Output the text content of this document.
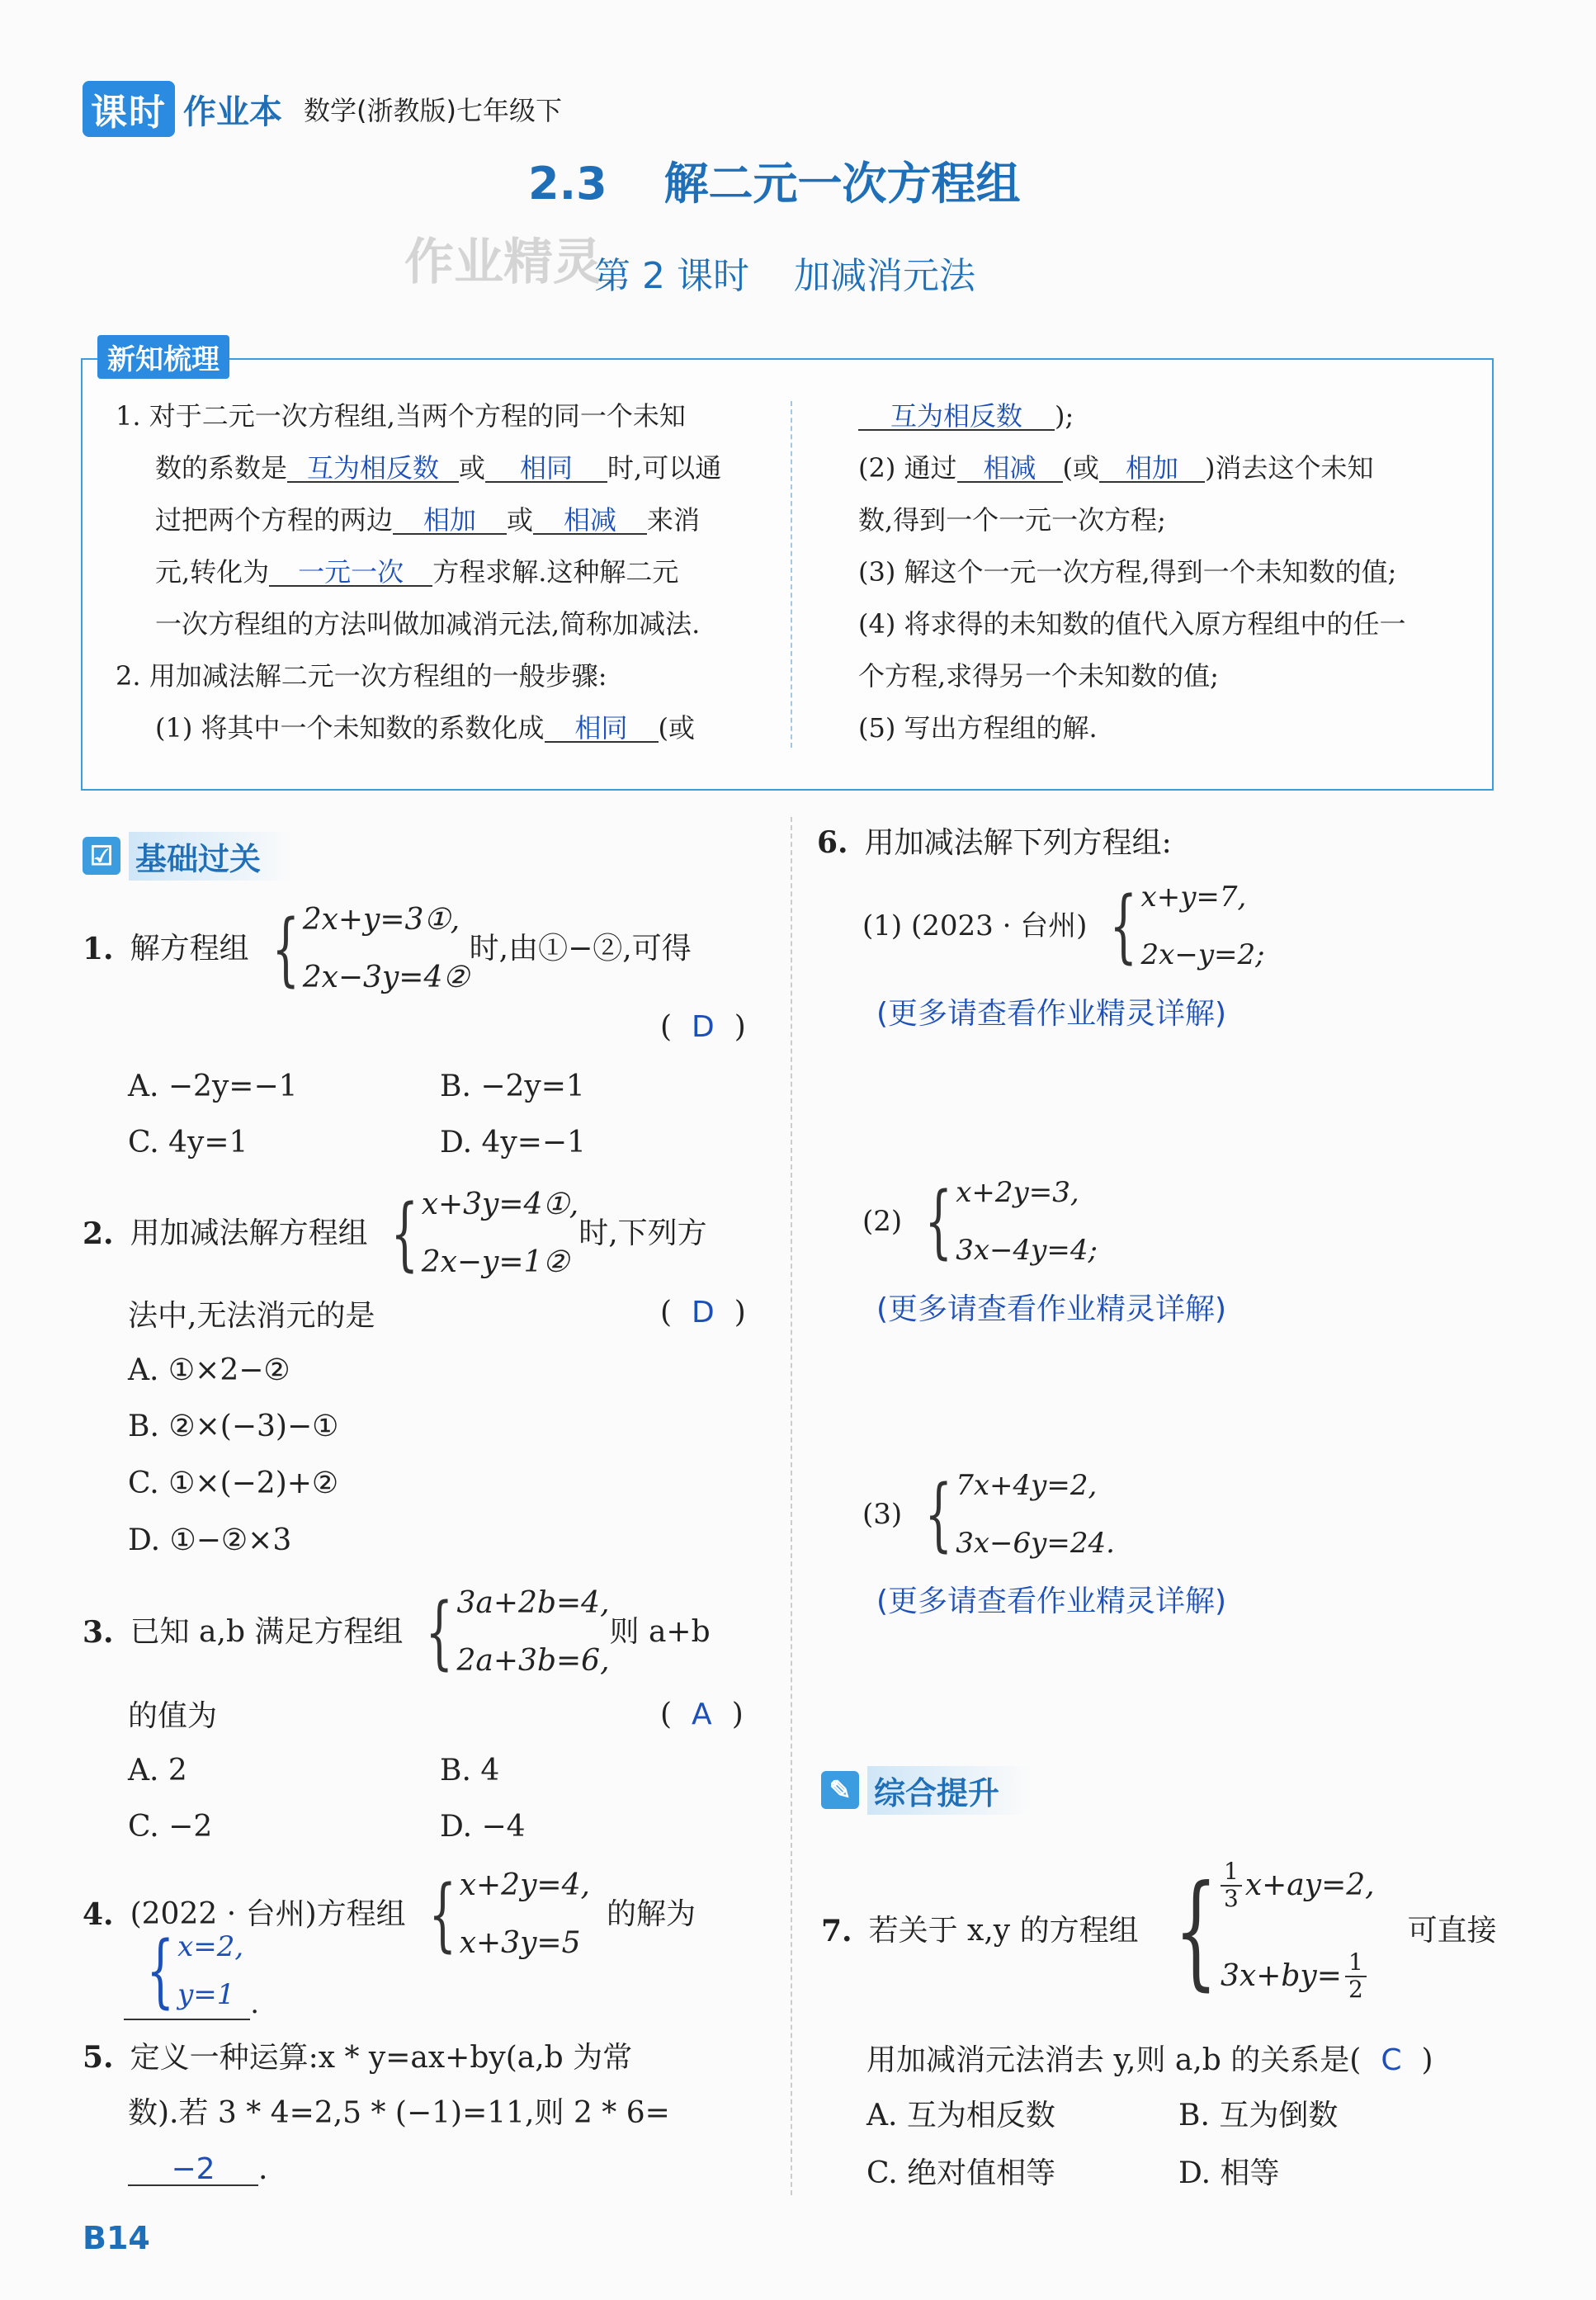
课时 作业本 数学(浙教版)七年级下
2.3 解二元一次方程组
作业精灵
第 2 课时 加减消元法
新知梳理
1. 对于二元一次方程组,当两个方程的同一个未知
数的系数是 互为相反数 或 相同 时,可以通
过把两个方程的两边 相加 或 相减 来消
元,转化为 一元一次 方程求解.这种解二元
一次方程组的方法叫做加减消元法,简称加减法.
2. 用加减法解二元一次方程组的一般步骤:
(1) 将其中一个未知数的系数化成 相同 (或
互为相反数 );
(2) 通过 相减 (或 相加 )消去这个未知
数,得到一个一元一次方程;
(3) 解这个一元一次方程,得到一个未知数的值;
(4) 将求得的未知数的值代入原方程组中的任一
个方程,求得另一个未知数的值;
(5) 写出方程组的解.
☑ 基础过关
1. 解方程组 { 2x+y=3①,
2x−3y=4②
时,由①−②,可得
( D )
A. −2y=−1	B. −2y=1
C. 4y=1	D. 4y=−1
2. 用加减法解方程组 { x+3y=4①,
2x−y=1②
时,下列方
法中,无法消元的是	( D )
A. ①×2−②
B. ②×(−3)−①
C. ①×(−2)+②
D. ①−②×3
3. 已知 a,b 满足方程组 { 3a+2b=4,
2a+3b=6,
则 a+b
的值为	( A )
A. 2	B. 4
C. −2	D. −4
4. (2022 · 台州)方程组 { x+2y=4,
x+3y=5
的解为
{ x=2,
y=1 .
5. 定义一种运算:x * y=ax+by(a,b 为常
数).若 3 * 4=2,5 * (−1)=11,则 2 * 6=
−2 .
6. 用加减法解下列方程组:
(1) (2023 · 台州) { x+y=7,
2x−y=2;
(更多请查看作业精灵详解)
(2) { x+2y=3,
3x−4y=4;
(更多请查看作业精灵详解)
(3) { 7x+4y=2,
3x−6y=24.
(更多请查看作业精灵详解)
✎ 综合提升
7. 若关于 x,y 的方程组 { $\frac{1}{3} x+ay=2$,
$3x+by= \frac{1}{2}$
可直接
用加减消元法消去 y,则 a,b 的关系是( C )
A. 互为相反数	B. 互为倒数
C. 绝对值相等	D. 相等
B14
